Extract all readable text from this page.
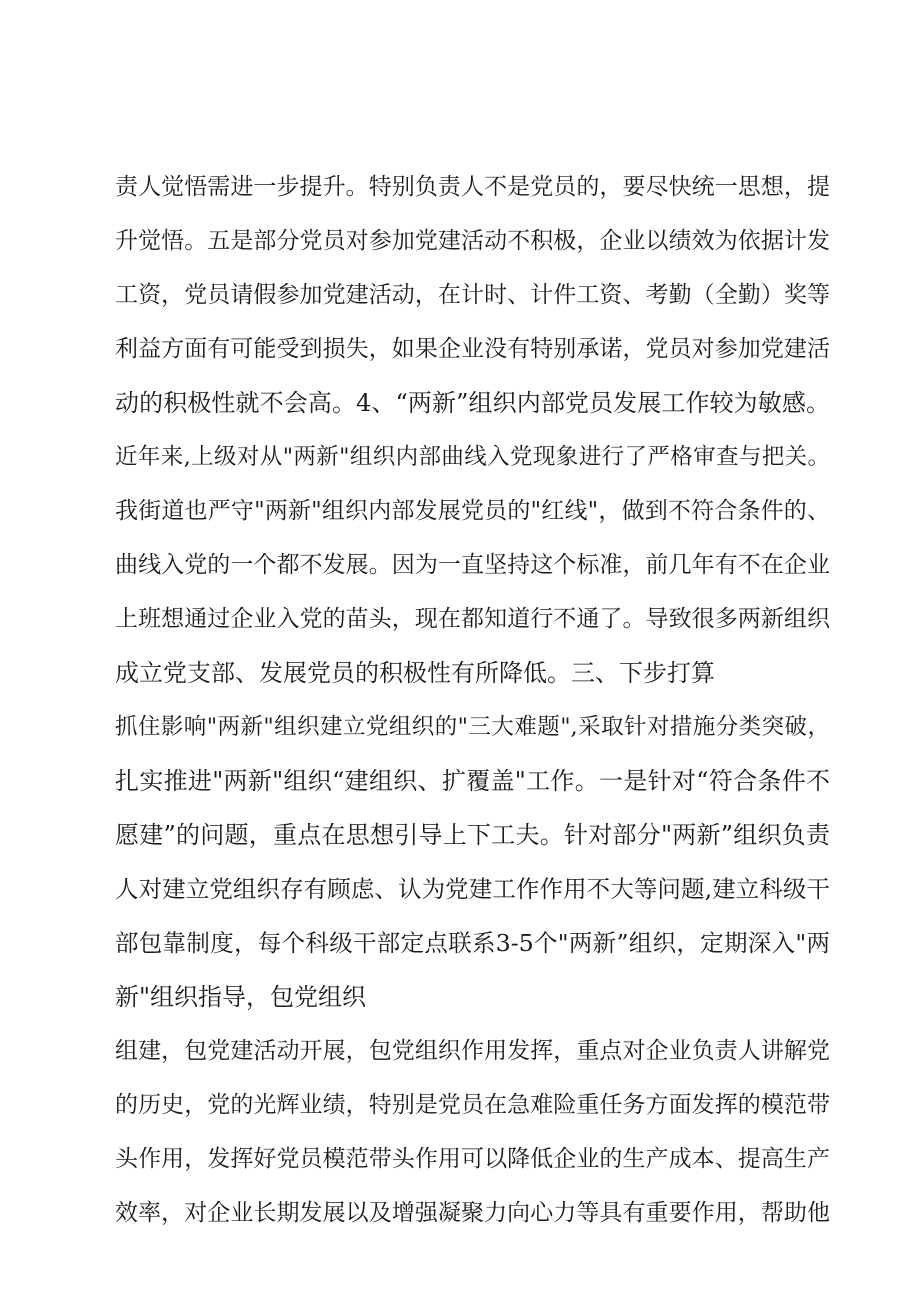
责人觉悟需进一步提升。特别负责人不是党员的，要尽快统一思想，提
升觉悟。五是部分党员对参加党建活动不积极，企业以绩效为依据计发
工资，党员请假参加党建活动，在计时、计件工资、考勤（全勤）奖等
利益方面有可能受到损失，如果企业没有特别承诺，党员对参加党建活
动的积极性就不会高。4、“两新”组织内部党员发展工作较为敏感。
近年来,上级对从"两新"组织内部曲线入党现象进行了严格审查与把关。
我街道也严守"两新"组织内部发展党员的"红线"，做到不符合条件的、
曲线入党的一个都不发展。因为一直坚持这个标准，前几年有不在企业
上班想通过企业入党的苗头，现在都知道行不通了。导致很多两新组织
成立党支部、发展党员的积极性有所降低。三、下步打算
抓住影响"两新"组织建立党组织的"三大难题",采取针对措施分类突破，
扎实推进"两新"组织“建组织、扩覆盖"工作。一是针对“符合条件不
愿建”的问题，重点在思想引导上下工夫。针对部分"两新”组织负责
人对建立党组织存有顾虑、认为党建工作作用不大等问题,建立科级干
部包靠制度，每个科级干部定点联系3-5个"两新”组织，定期深入"两
新"组织指导，包党组织
组建，包党建活动开展，包党组织作用发挥，重点对企业负责人讲解党
的历史，党的光辉业绩，特别是党员在急难险重任务方面发挥的模范带
头作用，发挥好党员模范带头作用可以降低企业的生产成本、提高生产
效率，对企业长期发展以及增强凝聚力向心力等具有重要作用，帮助他
